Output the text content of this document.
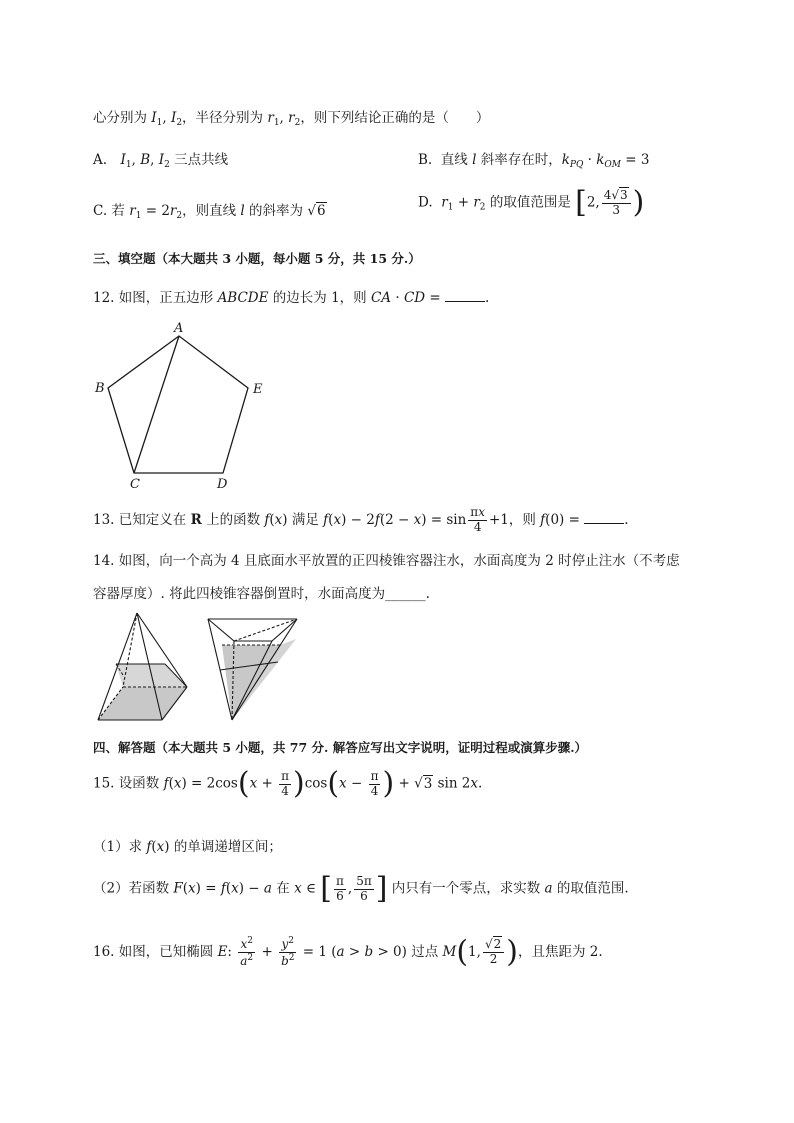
心分别为 $I_1$, $I_2$，半径分别为 $r_1$, $r_2$，则下列结论正确的是（　　）
A.　$I_1$, B, $I_2$ 三点共线	B.  直线 l 斜率存在时，$k_{PQ} \cdot k_{OM} = 3$
C. 若 $r_1 = 2r_2$，则直线 l 的斜率为 √6
D.  $r_1 + r_2$ 的取值范围是 [2, $\frac{4√3}{3}$ )
三、填空题（本大题共 3 小题，每小题 5 分，共 15 分.）
12. 如图，正五边形 ABCDE 的边长为 1，则 CA · CD =	.
A
B
C	D
E
13. 已知定义在 R 上的函数 f(x) 满足 $f(x) - 2f(2 - x) = \sin \frac{\pi x}{4} +1$，则 f(0) =	.
14. 如图，向一个高为 4 且底面水平放置的正四棱锥容器注水，水面高度为 2 时停止注水（不考虑
容器厚度）. 将此四棱锥容器倒置时，水面高度为______.
四、解答题（本大题共 5 小题，共 77 分. 解答应写出文字说明，证明过程或演算步骤.）
15. 设函数 $f(x) = 2\cos(x + \frac{\pi}{4} )\cos(x - \frac{\pi}{4}$ ) + √3 sin 2x.
（1）求 f(x) 的单调递增区间；
（2）若函数 F(x) = f(x) − a 在 x ∈ [ $\frac{\pi}{6}$ , $\frac{5\pi}{6}$ ] 内只有一个零点，求实数 a 的取值范围.
16. 如图，已知椭圆 E: $\frac{x^2}{a^2} + \frac{y^2}{b^2} = 1$ (a > b > 0) 过点 M(1, $\frac{√2}{2}$ )，且焦距为 2.
